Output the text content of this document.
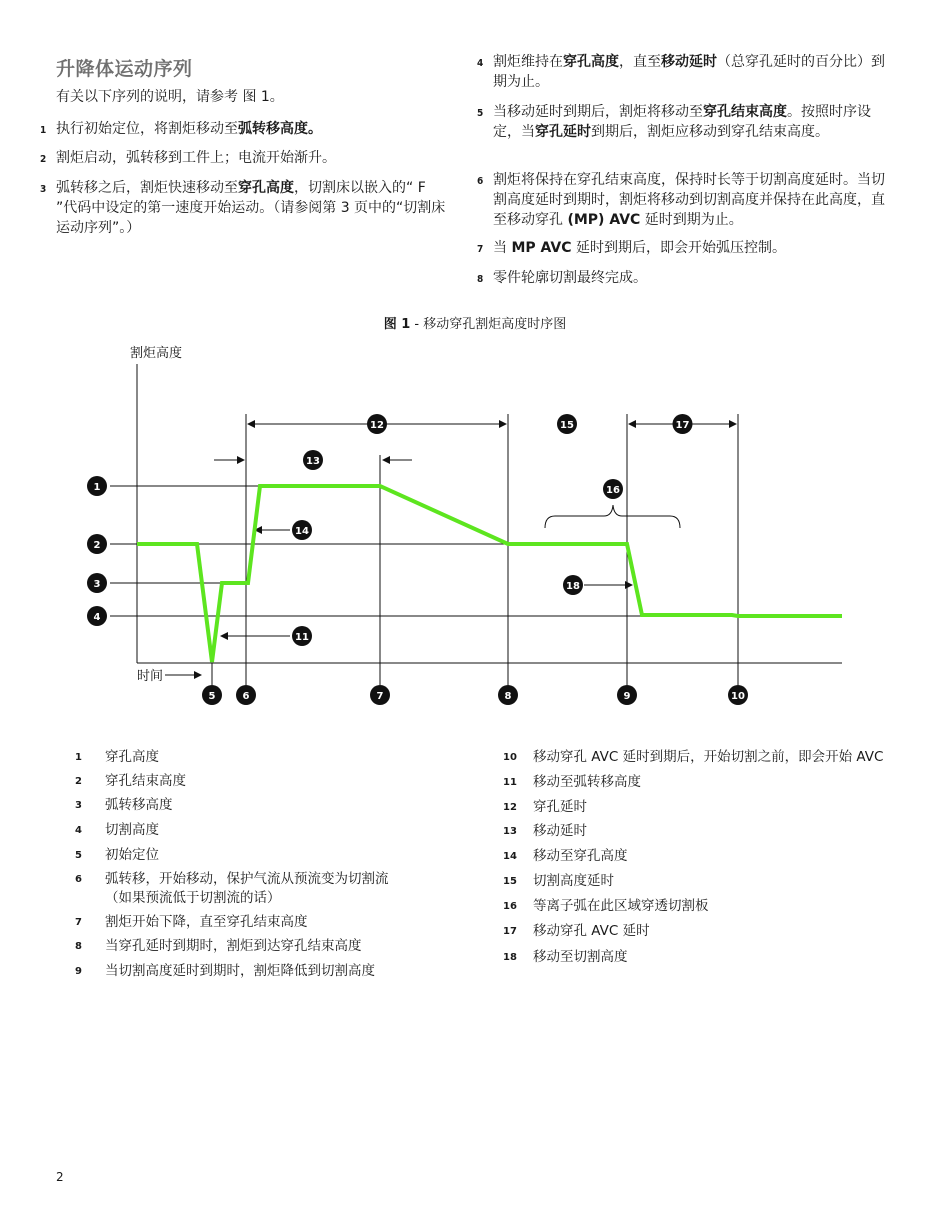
升降体运动序列
有关以下序列的说明，请参考 图 1。
1 执行初始定位，将割炬移动至弧转移高度。
2 割炬启动，弧转移到工件上；电流开始渐升。
3 弧转移之后，割炬快速移动至穿孔高度，切割床以嵌入的“ F ”代码中设定的第一速度开始运动。（请参阅第 3 页中的“切割床运动序列”。）
4 割炬维持在穿孔高度，直至移动延时（总穿孔延时的百分比）到期为止。
5 当移动延时到期后，割炬将移动至穿孔结束高度。按照时序设定，当穿孔延时到期后，割炬应移动到穿孔结束高度。
6 割炬将保持在穿孔结束高度，保持时长等于切割高度延时。当切割高度延时到期时，割炬将移动到切割高度并保持在此高度，直至移动穿孔 (MP) AVC 延时到期为止。
7 当 MP AVC 延时到期后，即会开始弧压控制。
8 零件轮廓切割最终完成。
图 1 - 移动穿孔割炬高度时序图
割炬高度
时间
1
2
3
4
5	6	7	8	9	10
12	15	17
13
16
14
11
18
1 穿孔高度
2 穿孔结束高度
3 弧转移高度
4 切割高度
5 初始定位
6 弧转移，开始移动，保护气流从预流变为切割流（如果预流低于切割流的话）
7 割炬开始下降，直至穿孔结束高度
8 当穿孔延时到期时，割炬到达穿孔结束高度
9 当切割高度延时到期时，割炬降低到切割高度
10 移动穿孔 AVC 延时到期后，开始切割之前，即会开始 AVC
11 移动至弧转移高度
12 穿孔延时
13 移动延时
14 移动至穿孔高度
15 切割高度延时
16 等离子弧在此区域穿透切割板
17 移动穿孔 AVC 延时
18 移动至切割高度
2
